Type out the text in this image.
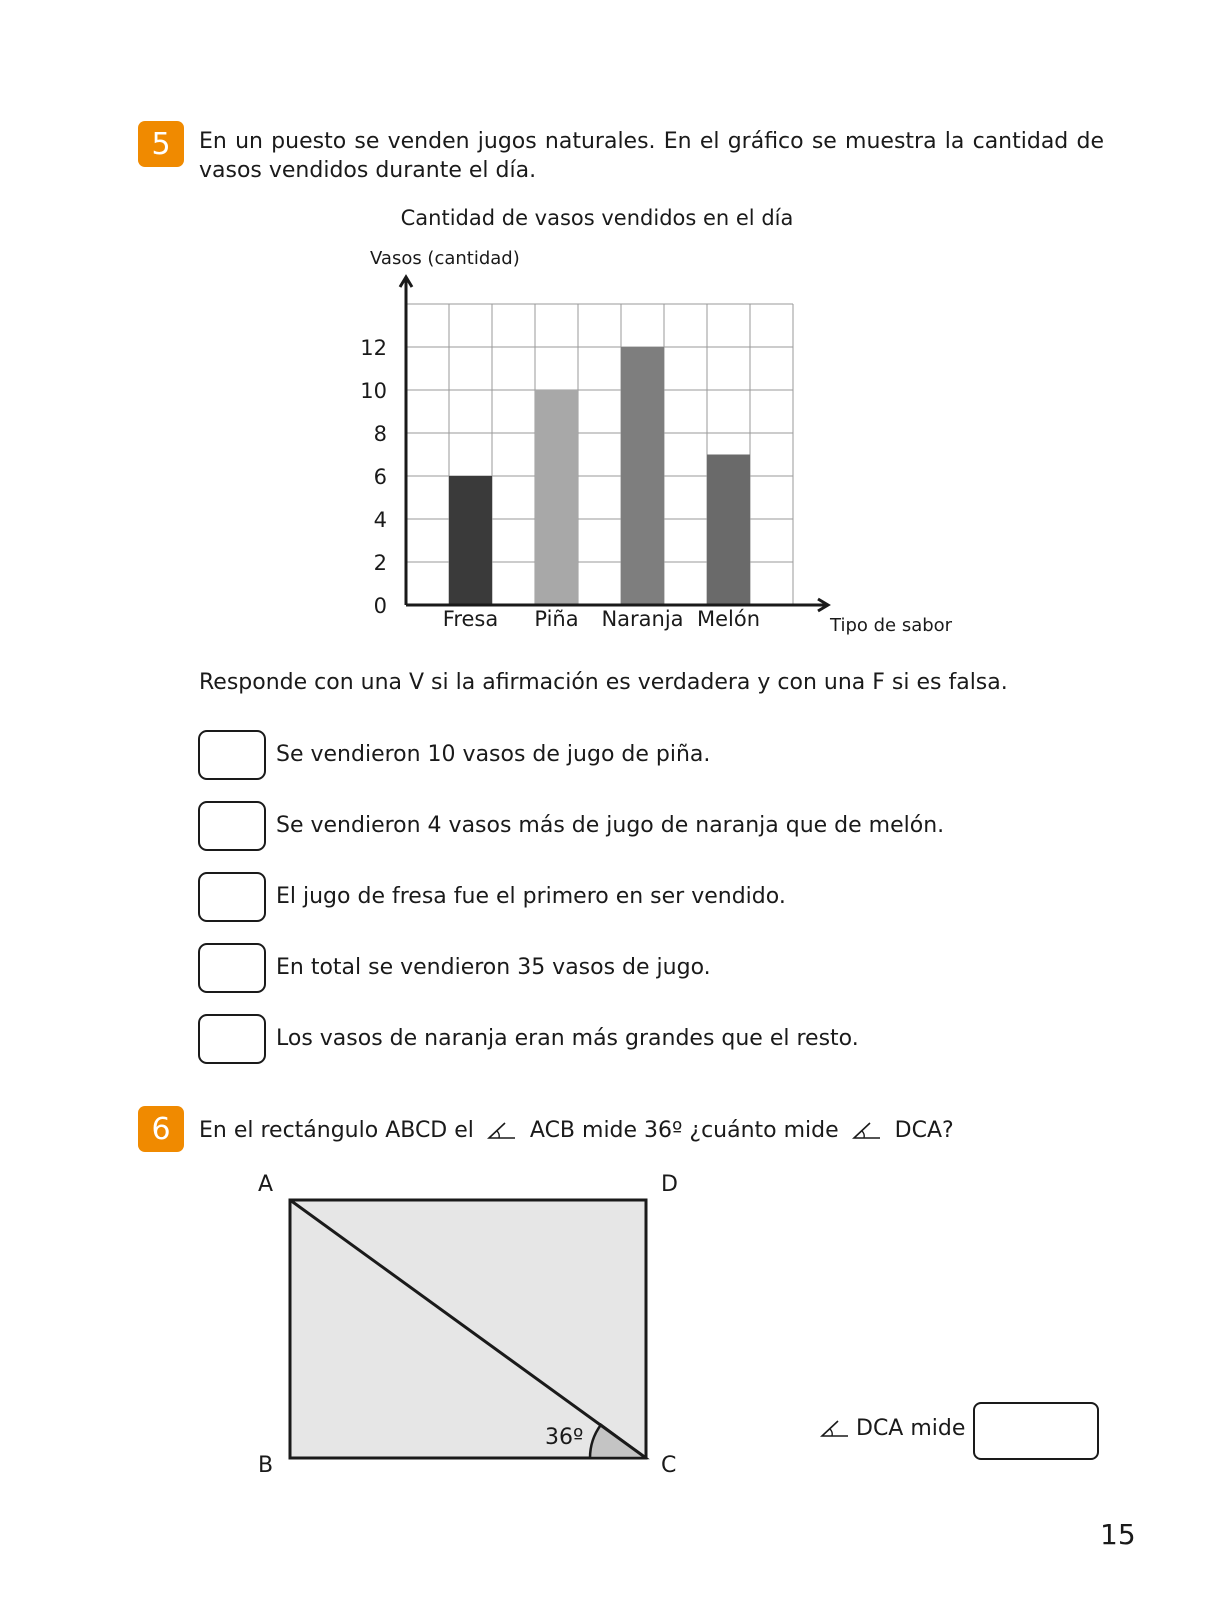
5	En un puesto se venden jugos naturales. En el gráfico se muestra la cantidad de vasos vendidos durante el día.
Cantidad de vasos vendidos en el día
Vasos (cantidad)
0
2
4
6
8
10
12
Fresa Piña Naranja Melón	Tipo de sabor
Responde con una V si la afirmación es verdadera y con una F si es falsa.
Se vendieron 10 vasos de jugo de piña.
Se vendieron 4 vasos más de jugo de naranja que de melón.
El jugo de fresa fue el primero en ser vendido.
En total se vendieron 35 vasos de jugo.
Los vasos de naranja eran más grandes que el resto.
6	En el rectángulo ABCD el	ACB mide 36º ¿cuánto mide	DCA?
A	D
B	C
36º	DCA mide
15
